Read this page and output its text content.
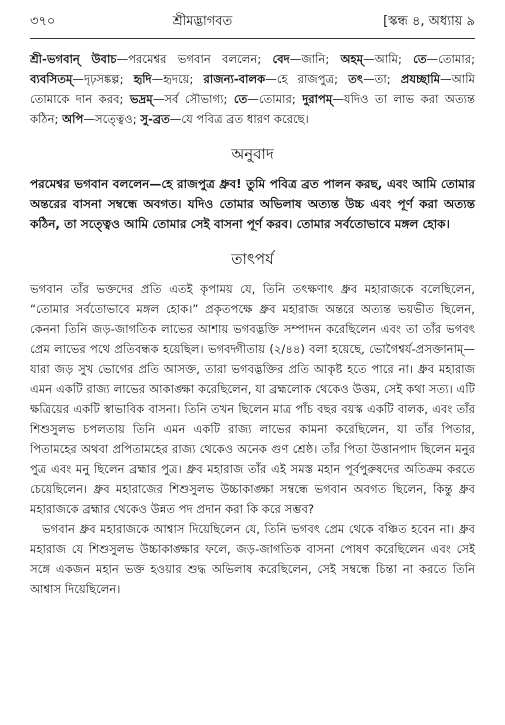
৩৭০	শ্রীমদ্ভাগবত	[স্কন্ধ ৪, অধ্যায় ৯
শ্রী-ভগবান্ উবাচ—পরমেশ্বর ভগবান বললেন; বেদ—জানি; অহম্—আমি; তে—তোমার; ব্যবসিতম্—দৃঢ়সঙ্কল্প; হৃদি—হৃদয়ে; রাজন্য-বালক—হে রাজপুত্র; তৎ—তা; প্রযচ্ছামি—আমি তোমাকে দান করব; ভদ্রম্—সর্ব সৌভাগ্য; তে—তোমার; দুরাপম্—যদিও তা লাভ করা অত্যন্ত কঠিন; অপি—সত্ত্বেও; সু-ব্রত—যে পবিত্র ব্রত ধারণ করেছে।
অনুবাদ
পরমেশ্বর ভগবান বললেন—হে রাজপুত্র ধ্রুব! তুমি পবিত্র ব্রত পালন করছ, এবং আমি তোমার অন্তরের বাসনা সম্বন্ধে অবগত। যদিও তোমার অভিলাষ অত্যন্ত উচ্চ এবং পূর্ণ করা অত্যন্ত কঠিন, তা সত্ত্বেও আমি তোমার সেই বাসনা পূর্ণ করব। তোমার সর্বতোভাবে মঙ্গল হোক।
তাৎপর্য

ভগবান তাঁর ভক্তদের প্রতি এতই কৃপাময় যে, তিনি তৎক্ষণাৎ ধ্রুব মহারাজকে বলেছিলেন, “তোমার সর্বতোভাবে মঙ্গল হোক।” প্রকৃতপক্ষে ধ্রুব মহারাজ অন্তরে অত্যন্ত ভয়ভীত ছিলেন, কেননা তিনি জড়-জাগতিক লাভের আশায় ভগবদ্ভক্তি সম্পাদন করেছিলেন এবং তা তাঁর ভগবৎ প্রেম লাভের পথে প্রতিবন্ধক হয়েছিল। ভগবদ্গীতায় (২/৪৪) বলা হয়েছে, ভোগৈশ্বর্য-প্রসক্তানাম্—যারা জড় সুখ ভোগের প্রতি আসক্ত, তারা ভগবদ্ভক্তির প্রতি আকৃষ্ট হতে পারে না। ধ্রুব মহারাজ এমন একটি রাজ্য লাভের আকাঙ্ক্ষা করেছিলেন, যা ব্রহ্মলোক থেকেও উত্তম, সেই কথা সত্য। এটি ক্ষত্রিয়ের একটি স্বাভাবিক বাসনা। তিনি তখন ছিলেন মাত্র পাঁচ বছর বয়স্ক একটি বালক, এবং তাঁর শিশুসুলভ চপলতায় তিনি এমন একটি রাজ্য লাভের কামনা করেছিলেন, যা তাঁর পিতার, পিতামহের অথবা প্রপিতামহের রাজ্য থেকেও অনেক গুণ শ্রেষ্ঠ। তাঁর পিতা উত্তানপাদ ছিলেন মনুর পুত্র এবং মনু ছিলেন ব্রহ্মার পুত্র। ধ্রুব মহারাজ তাঁর এই সমস্ত মহান পূর্বপুরুষদের অতিক্রম করতে চেয়েছিলেন। ধ্রুব মহারাজের শিশুসুলভ উচ্চাকাঙ্ক্ষা সম্বন্ধে ভগবান অবগত ছিলেন, কিন্তু ধ্রুব মহারাজকে ব্রহ্মার থেকেও উন্নত পদ প্রদান করা কি করে সম্ভব?

ভগবান ধ্রুব মহারাজকে আশ্বাস দিয়েছিলেন যে, তিনি ভগবৎ প্রেম থেকে বঞ্চিত হবেন না। ধ্রুব মহারাজ যে শিশুসুলভ উচ্চাকাঙ্ক্ষার ফলে, জড়-জাগতিক বাসনা পোষণ করেছিলেন এবং সেই সঙ্গে একজন মহান ভক্ত হওয়ার শুদ্ধ অভিলাষ করেছিলেন, সেই সম্বন্ধে চিন্তা না করতে তিনি আশ্বাস দিয়েছিলেন।
